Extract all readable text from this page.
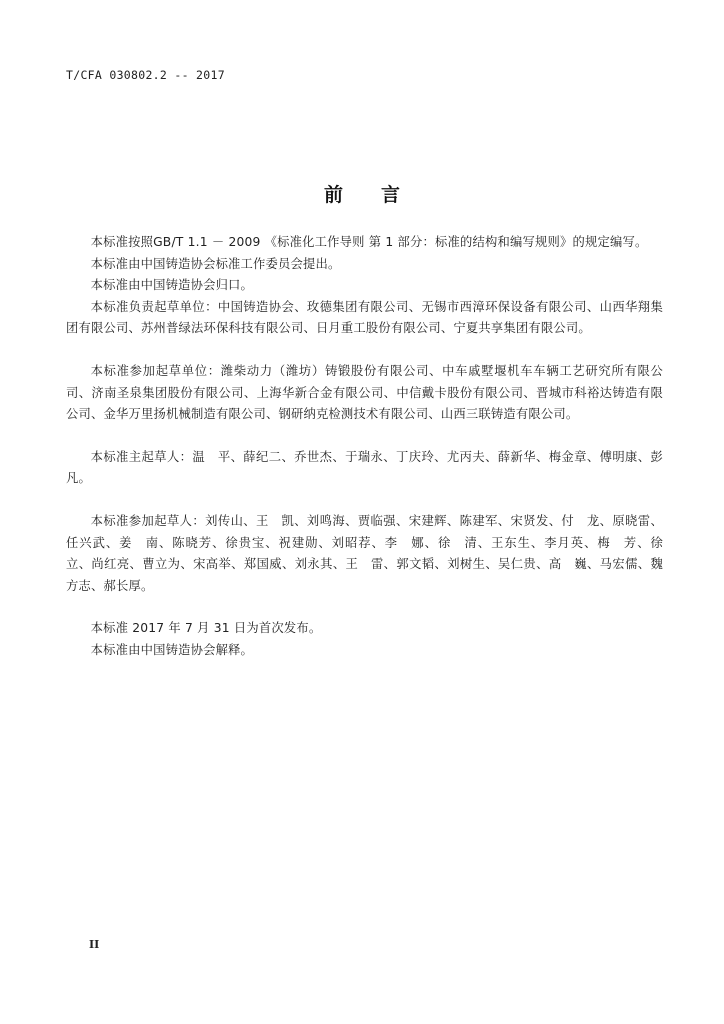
T/CFA 030802.2 -- 2017
前　　言

本标准按照GB/T 1.1 － 2009 《标准化工作导则 第 1 部分：标准的结构和编写规则》的规定编写。

本标准由中国铸造协会标准工作委员会提出。

本标准由中国铸造协会归口。

本标准负责起草单位：中国铸造协会、玫德集团有限公司、无锡市西漳环保设备有限公司、山西华翔集团有限公司、苏州普绿法环保科技有限公司、日月重工股份有限公司、宁夏共享集团有限公司。

本标准参加起草单位：潍柴动力（潍坊）铸锻股份有限公司、中车戚墅堰机车车辆工艺研究所有限公司、济南圣泉集团股份有限公司、上海华新合金有限公司、中信戴卡股份有限公司、晋城市科裕达铸造有限公司、金华万里扬机械制造有限公司、钢研纳克检测技术有限公司、山西三联铸造有限公司。

本标准主起草人：温　平、薛纪二、乔世杰、于瑞永、丁庆玲、尤丙夫、薛新华、梅金章、傅明康、彭　凡。

本标准参加起草人：刘传山、王　凯、刘鸣海、贾临强、宋建辉、陈建军、宋贤发、付　龙、原晓雷、任兴武、姜　南、陈晓芳、徐贵宝、祝建勋、刘昭荐、李　娜、徐　清、王东生、李月英、梅　芳、徐　立、尚红亮、曹立为、宋高举、郑国威、刘永其、王　雷、郭文韬、刘树生、吴仁贵、高　巍、马宏儒、魏方志、郝长厚。

本标准 2017 年 7 月 31 日为首次发布。

本标准由中国铸造协会解释。

II
